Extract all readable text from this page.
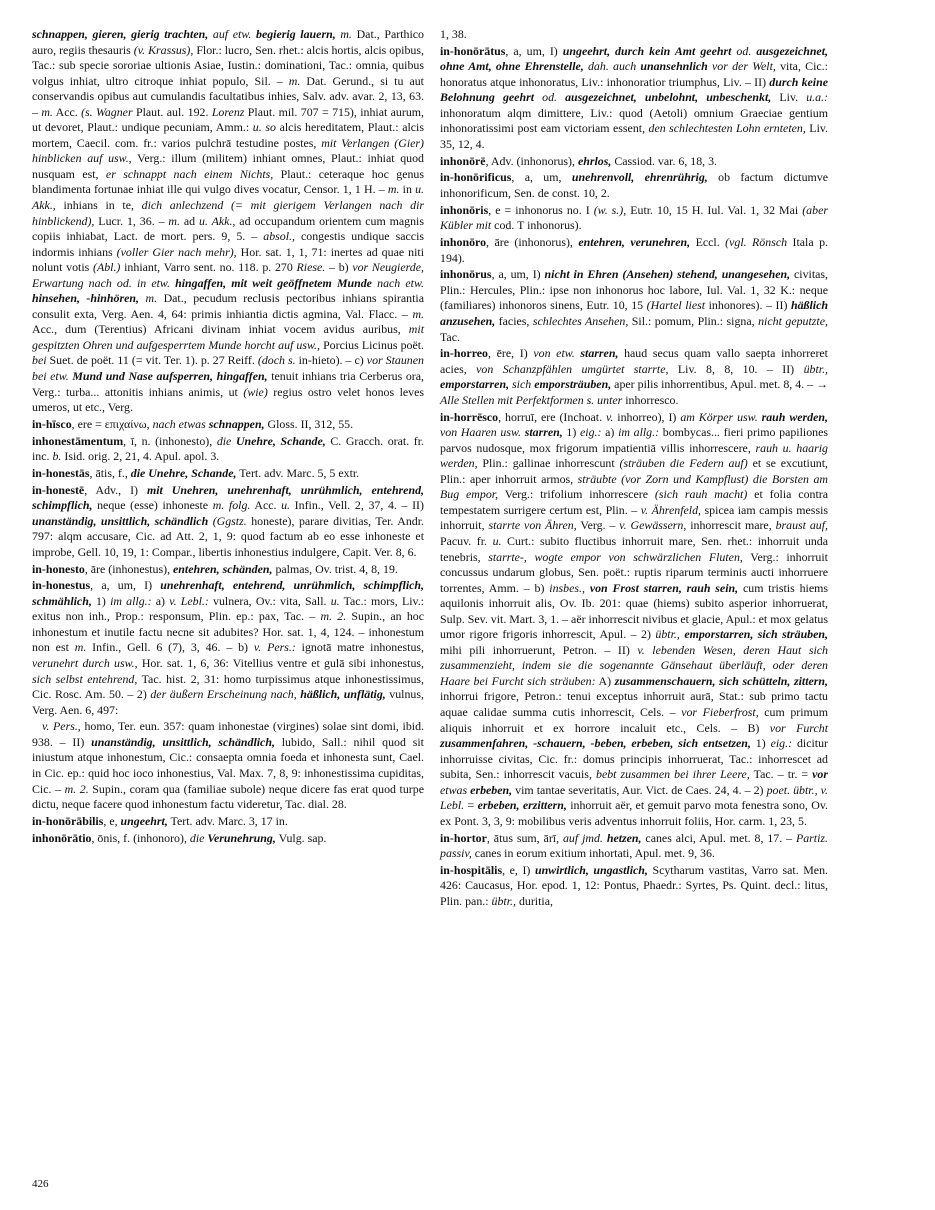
schnappen, gieren, gierig trachten, auf etw. begierig lauern, m. Dat., Parthico auro, regiis thesauris (v. Krassus), Flor.: lucro, Sen. rhet.: alcis hortis, alcis opibus, Tac.: sub specie sororiae ultionis Asiae, Iustin.: dominationi, Tac.: omnia, quibus volgus inhiat, ultro citroque inhiat populo, Sil. – m. Dat. Gerund., si tu aut conservandis opibus aut cumulandis facultatibus inhies, Salv. adv. avar. 2, 13, 63. – m. Acc. (s. Wagner Plaut. aul. 192. Lorenz Plaut. mil. 707 = 715), inhiat aurum, ut devoret, Plaut.: undique pecuniam, Amm.: u. so alcis hereditatem, Plaut.: alcis mortem, Caecil. com. fr.: varios pulchrā testudine postes, mit Verlangen (Gier) hinblicken auf usw., Verg.: illum (militem) inhiant omnes, Plaut.: inhiat quod nusquam est, er schnappt nach einem Nichts, Plaut.: ceteraque hoc genus blandimenta fortunae inhiat ille qui vulgo dives vocatur, Censor. 1, 1 H. – m. in u. Akk., inhians in te, dich anlechzend (= mit gierigem Verlangen nach dir hinblickend), Lucr. 1, 36. – m. ad u. Akk., ad occupandum orientem cum magnis copiis inhiabat, Lact. de mort. pers. 9, 5. – absol., congestis undique saccis indormis inhians (voller Gier nach mehr), Hor. sat. 1, 1, 71: inertes ad quae niti nolunt votis (Abl.) inhiant, Varro sent. no. 118. p. 270 Riese. – b) vor Neugierde, Erwartung nach od. in etw. hingaffen, mit weit geöffnetem Munde nach etw. hinsehen, -hinhören, m. Dat., pecudum reclusis pectoribus inhians spirantia consulit exta, Verg. Aen. 4, 64: primis inhiantia dictis agmina, Val. Flacc. – m. Acc., dum (Terentius) Africani divinam inhiat vocem avidus auribus, mit gespitzten Ohren und aufgesperrtem Munde horcht auf usw., Porcius Licinus poët. bei Suet. de poët. 11 (= vit. Ter. 1). p. 27 Reiff. (doch s. in-hieto). – c) vor Staunen bei etw. Mund und Nase aufsperren, hingaffen, tenuit inhians tria Cerberus ora, Verg.: turba... attonitis inhians animis, ut (wie) regius ostro velet honos leves umeros, ut etc., Verg.
in-hīsco, ere = επιχαίνω, nach etwas schnappen, Gloss. II, 312, 55.
inhonestāmentum, ī, n. (inhonesto), die Unehre, Schande, C. Gracch. orat. fr. inc. b. Isid. orig. 2, 21, 4. Apul. apol. 3.
in-honestās, ātis, f., die Unehre, Schande, Tert. adv. Marc. 5, 5 extr.
in-honestē, Adv., I) mit Unehren, unehrenhaft, unrühmlich, entehrend, schimpflich, neque (esse) inhoneste m. folg. Acc. u. Infin., Vell. 2, 37, 4. – II) unanständig, unsittlich, schändlich (Ggstz. honeste), parare divitias, Ter. Andr. 797: alqm accusare, Cic. ad Att. 2, 1, 9: quod factum ab eo esse inhoneste et improbe, Gell. 10, 19, 1: Compar., libertis inhonestius indulgere, Capit. Ver. 8, 6.
in-honesto, āre (inhonestus), entehren, schänden, palmas, Ov. trist. 4, 8, 19.
in-honestus, a, um, I) unehrenhaft, entehrend, unrühmlich, schimpflich, schmählich, 1) im allg.: a) v. Lebl.: vulnera, Ov.: vita, Sall. u. Tac.: mors, Liv.: exitus non inh., Prop.: responsum, Plin. ep.: pax, Tac. – m. 2. Supin., an hoc inhonestum et inutile factu necne sit adubites? Hor. sat. 1, 4, 124. – inhonestum non est m. Infin., Gell. 6 (7), 3, 46. – b) v. Pers.: ignotā matre inhonestus, verunehrt durch usw., Hor. sat. 1, 6, 36: Vitellius ventre et gulā sibi inhonestus, sich selbst entehrend, Tac. hist. 2, 31: homo turpissimus atque inhonestissimus, Cic. Rosc. Am. 50. – 2) der äußern Erscheinung nach, häßlich, unflätig, vulnus, Verg. Aen. 6, 497:
v. Pers., homo, Ter. eun. 357: quam inhonestae (virgines) solae sint domi, ibid. 938. – II) unanständig, unsittlich, schändlich, lubido, Sall.: nihil quod sit iniustum atque inhonestum, Cic.: consaepta omnia foeda et inhonesta sunt, Cael. in Cic. ep.: quid hoc ioco inhonestius, Val. Max. 7, 8, 9: inhonestissima cupiditas, Cic. – m. 2. Supin., coram qua (familiae subole) neque dicere fas erat quod turpe dictu, neque facere quod inhonestum factu videretur, Tac. dial. 28.
in-honōrābilis, e, ungeehrt, Tert. adv. Marc. 3, 17 in.
inhonōrātio, ōnis, f. (inhonoro), die Verunehrung, Vulg. sap.
1, 38.
in-honōrātus, a, um, I) ungeehrt, durch kein Amt geehrt od. ausgezeichnet, ohne Amt, ohne Ehrenstelle, dah. auch unansehnlich vor der Welt, vita, Cic.: honoratus atque inhonoratus, Liv.: inhonoratior triumphus, Liv. – II) durch keine Belohnung geehrt od. ausgezeichnet, unbelohnt, unbeschenkt, Liv. u.a.: inhonoratum alqm dimittere, Liv.: quod (Aetoli) omnium Graeciae gentium inhonoratissimi post eam victoriam essent, den schlechtesten Lohn ernteten, Liv. 35, 12, 4.
inhonōrē, Adv. (inhonorus), ehrlos, Cassiod. var. 6, 18, 3.
in-honōrificus, a, um, unehrenvoll, ehrenrührig, ob factum dictumve inhonorificum, Sen. de const. 10, 2.
inhonōris, e = inhonorus no. I (w. s.), Eutr. 10, 15 H. Iul. Val. 1, 32 Mai (aber Kübler mit cod. T inhonorus).
inhonōro, āre (inhonorus), entehren, verunehren, Eccl. (vgl. Rönsch Itala p. 194).
inhonōrus, a, um, I) nicht in Ehren (Ansehen) stehend, unangesehen, civitas, Plin.: Hercules, Plin.: ipse non inhonorus hoc labore, Iul. Val. 1, 32 K.: neque (familiares) inhonoros sinens, Eutr. 10, 15 (Hartel liest inhonores). – II) häßlich anzusehen, facies, schlechtes Ansehen, Sil.: pomum, Plin.: signa, nicht geputzte, Tac.
in-horreo, ēre, I) von etw. starren, haud secus quam vallo saepta inhorreret acies, von Schanzpfählen umgürtet starrte, Liv. 8, 8, 10. – II) übtr., emporstarren, sich emporsträuben, aper pilis inhorrentibus, Apul. met. 8, 4. – → Alle Stellen mit Perfektformen s. unter inhorresco.
in-horrēsco, horruī, ere (Inchoat. v. inhorreo), I) am Körper usw. rauh werden, von Haaren usw. starren, 1) eig.: a) im allg.: bombycas... fieri primo papiliones parvos nudosque, mox frigorum impatientiā villis inhorrescere, rauh u. haarig werden, Plin.: gallinae inhorrescunt (sträuben die Federn auf) et se excutiunt, Plin.: aper inhorruit armos, sträubte (vor Zorn und Kampflust) die Borsten am Bug empor, Verg.: trifolium inhorrescere (sich rauh macht) et folia contra tempestatem surrigere certum est, Plin. – v. Ährenfeld, spicea iam campis messis inhorruit, starrte von Ähren, Verg. – v. Gewässern, inhorrescit mare, braust auf, Pacuv. fr. u. Curt.: subito fluctibus inhorruit mare, Sen. rhet.: inhorruit unda tenebris, starrte-, wogte empor von schwärzlichen Fluten, Verg.: inhorruit concussus undarum globus, Sen. poët.: ruptis riparum terminis aucti inhorruere torrentes, Amm. – b) insbes., von Frost starren, rauh sein, cum tristis hiems aquilonis inhorruit alis, Ov. Ib. 201: quae (hiems) subito asperior inhorruerat, Sulp. Sev. vit. Mart. 3, 1. – aër inhorrescit nivibus et glacie, Apul.: et mox gelatus umor rigore frigoris inhorrescit, Apul. – 2) übtr., emporstarren, sich sträuben, mihi pili inhorruerunt, Petron. – II) v. lebenden Wesen, deren Haut sich zusammenzieht, indem sie die sogenannte Gänsehaut überläuft, oder deren Haare bei Furcht sich sträuben: A) zusammenschauern, sich schütteln, zittern, inhorrui frigore, Petron.: tenui exceptus inhorruit aurā, Stat.: sub primo tactu aquae calidae summa cutis inhorrescit, Cels. – vor Fieberfrost, cum primum aliquis inhorruit et ex horrore incaluit etc., Cels. – B) vor Furcht zusammenfahren, -schauern, -beben, erbeben, sich entsetzen, 1) eig.: dicitur inhorruisse civitas, Cic. fr.: domus principis inhorruerat, Tac.: inhorrescet ad subita, Sen.: inhorrescit vacuis, bebt zusammen bei ihrer Leere, Tac. – tr. = vor etwas erbeben, vim tantae severitatis, Aur. Vict. de Caes. 24, 4. – 2) poet. übtr., v. Lebl. = erbeben, erzittern, inhorruit aër, et gemuit parvo mota fenestra sono, Ov. ex Pont. 3, 3, 9: mobilibus veris adventus inhorruit foliis, Hor. carm. 1, 23, 5.
in-hortor, ātus sum, ārī, auf jmd. hetzen, canes alci, Apul. met. 8, 17. – Partiz. passiv, canes in eorum exitium inhortati, Apul. met. 9, 36.
in-hospitālis, e, I) unwirtlich, ungastlich, Scytharum vastitas, Varro sat. Men. 426: Caucasus, Hor. epod. 1, 12: Pontus, Phaedr.: Syrtes, Ps. Quint. decl.: litus, Plin. pan.: übtr., duritia,
426
